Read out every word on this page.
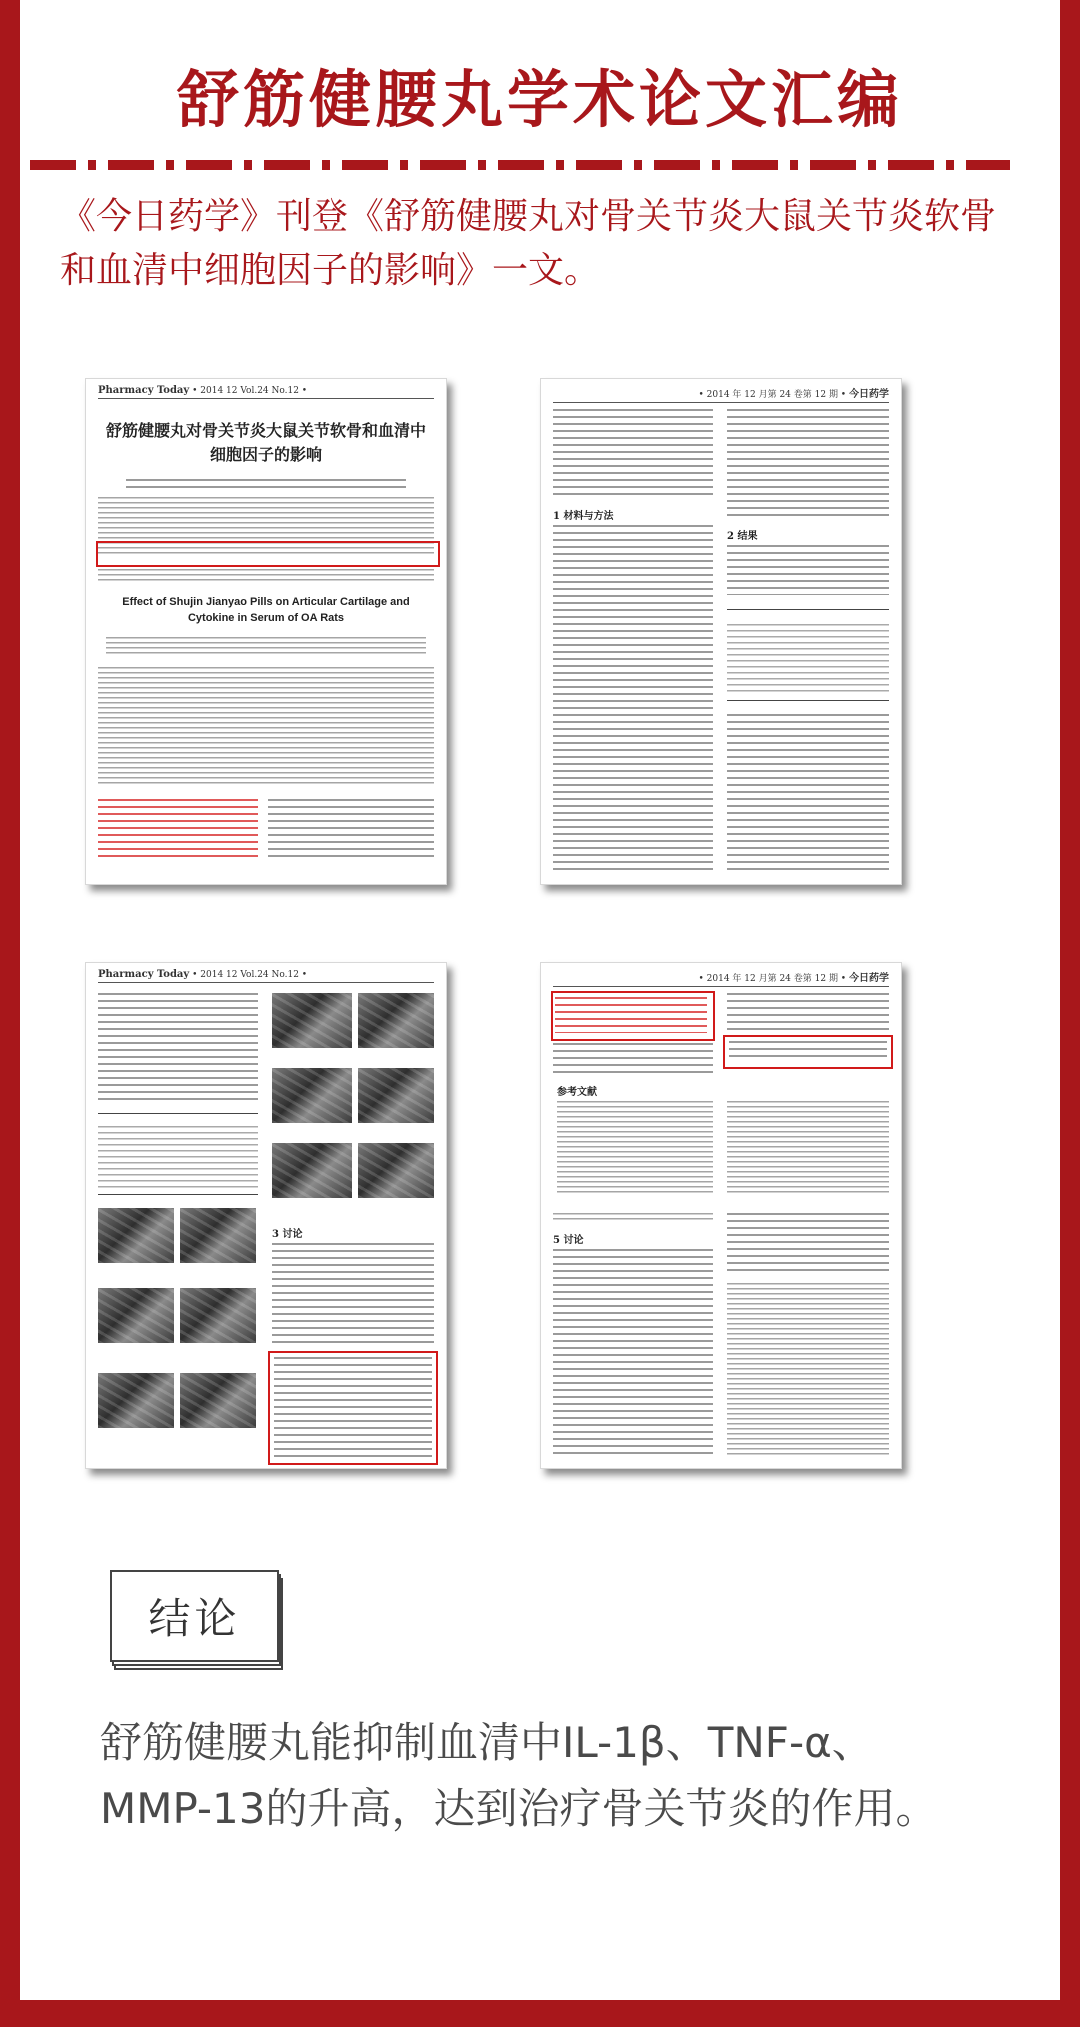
舒筋健腰丸学术论文汇编

《今日药学》刊登《舒筋健腰丸对骨关节炎大鼠关节炎软骨和血清中细胞因子的影响》一文。

Pharmacy Today • 2014 12 Vol.24 No.12 •
舒筋健腰丸对骨关节炎大鼠关节软骨和血清中细胞因子的影响
Effect of Shujin Jianyao Pills on Articular Cartilage and Cytokine in Serum of OA Rats
• 2014 年 12 月第 24 卷第 12 期 • 今日药学
1 材料与方法
2 结果
Pharmacy Today • 2014 12 Vol.24 No.12 •
3 讨论
• 2014 年 12 月第 24 卷第 12 期 • 今日药学
参考文献
5 讨论
结论

舒筋健腰丸能抑制血清中IL-1β、TNF-α、MMP-13的升高，达到治疗骨关节炎的作用。
